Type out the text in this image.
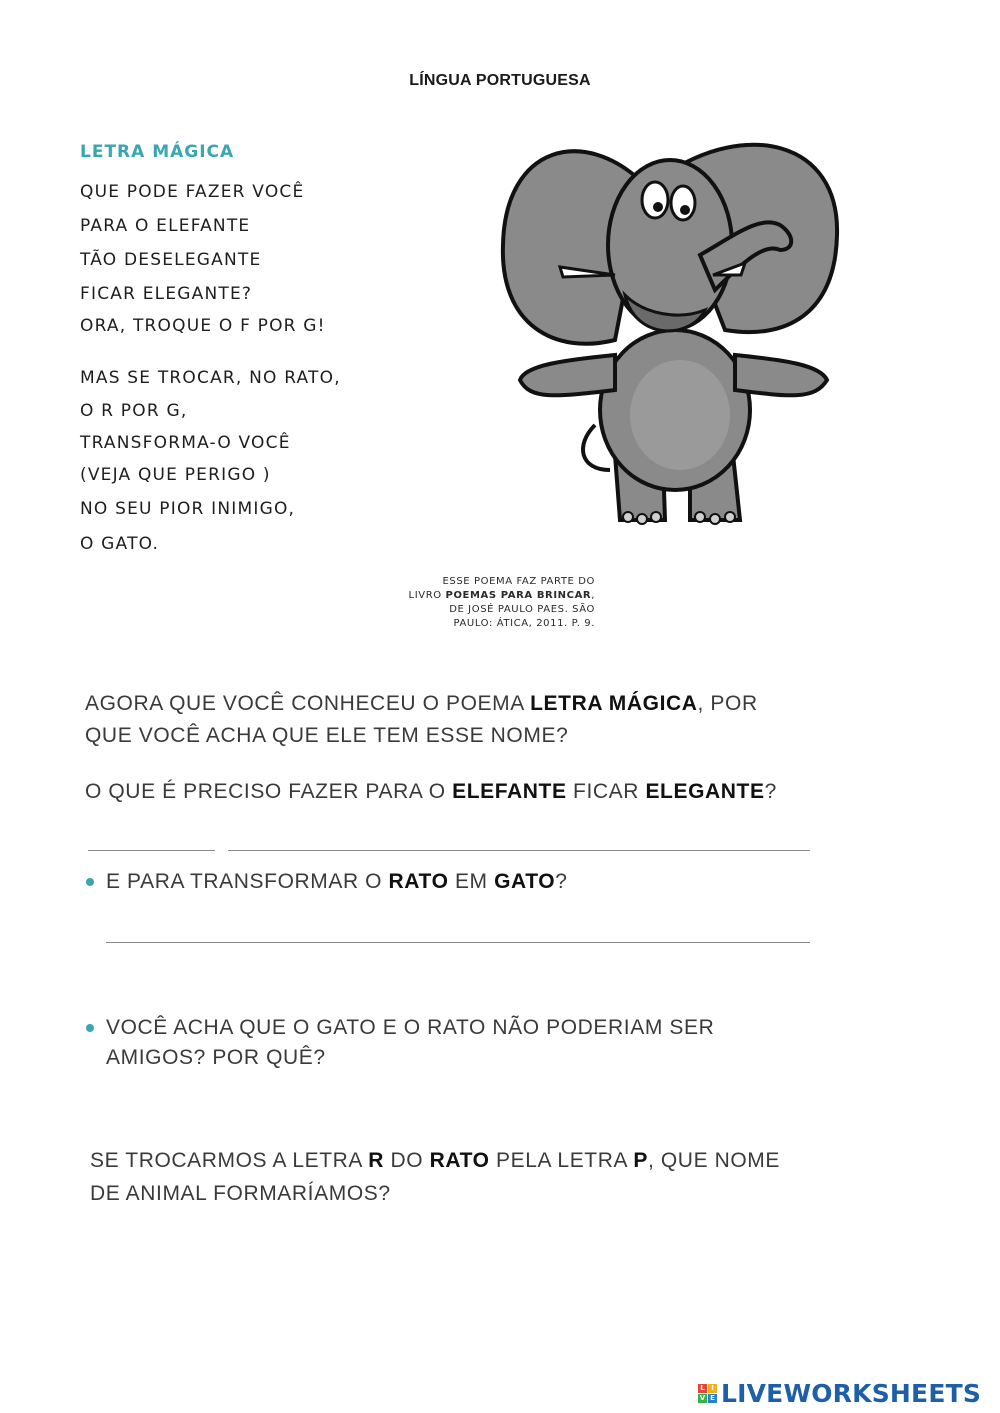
LÍNGUA PORTUGUESA
LETRA MÁGICA
QUE PODE FAZER VOCÊ
PARA O ELEFANTE
TÃO DESELEGANTE
FICAR ELEGANTE?
ORA, TROQUE O F POR G!
MAS SE TROCAR, NO RATO,
O R POR G,
TRANSFORMA-O VOCÊ
(VEJA QUE PERIGO )
NO SEU PIOR INIMIGO,
O GATO.
ESSE POEMA FAZ PARTE DO
LIVRO POEMAS PARA BRINCAR,
DE JOSÉ PAULO PAES. SÃO
PAULO: ÁTICA, 2011. P. 9.
AGORA QUE VOCÊ CONHECEU O POEMA LETRA MÁGICA, POR
QUE VOCÊ ACHA QUE ELE TEM ESSE NOME?
O QUE É PRECISO FAZER PARA O ELEFANTE FICAR ELEGANTE?
E PARA TRANSFORMAR O RATO EM GATO?
VOCÊ ACHA QUE O GATO E O RATO NÃO PODERIAM SER
AMIGOS? POR QUÊ?
SE TROCARMOS A LETRA R DO RATO PELA LETRA P, QUE NOME
DE ANIMAL FORMARÍAMOS?
L I
V E LIVEWORKSHEETS
